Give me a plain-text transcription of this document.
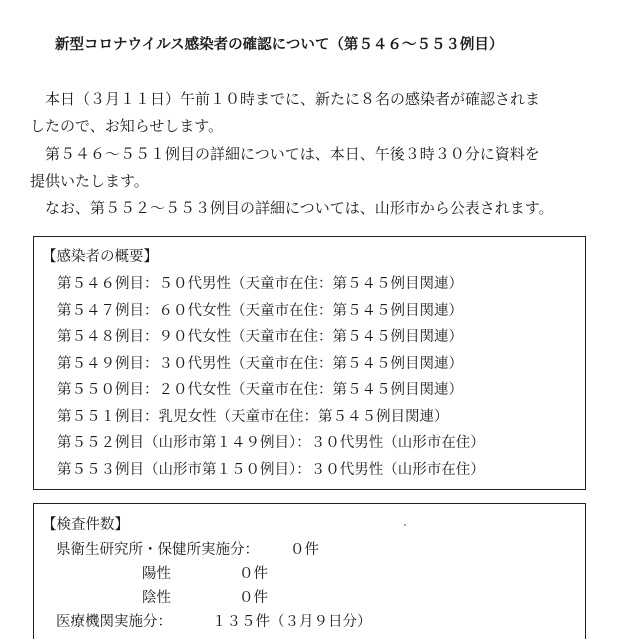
新型コロナウイルス感染者の確認について（第５４６～５５３例目）
　本日（３月１１日）午前１０時までに、新たに８名の感染者が確認されま
したので、お知らせします。
　第５４６～５５１例目の詳細については、本日、午後３時３０分に資料を
提供いたします。
　なお、第５５２～５５３例目の詳細については、山形市から公表されます。
【感染者の概要】
第５４６例目：５０代男性（天童市在住：第５４５例目関連）
第５４７例目：６０代女性（天童市在住：第５４５例目関連）
第５４８例目：９０代女性（天童市在住：第５４５例目関連）
第５４９例目：３０代男性（天童市在住：第５４５例目関連）
第５５０例目：２０代女性（天童市在住：第５４５例目関連）
第５５１例目：乳児女性（天童市在住：第５４５例目関連）
第５５２例目（山形市第１４９例目）：３０代男性（山形市在住）
第５５３例目（山形市第１５０例目）：３０代男性（山形市在住）
【検査件数】
県衛生研究所・保健所実施分： ０件
陽性	０件
陰性	０件
医療機関実施分：	１３５件（３月９日分）
